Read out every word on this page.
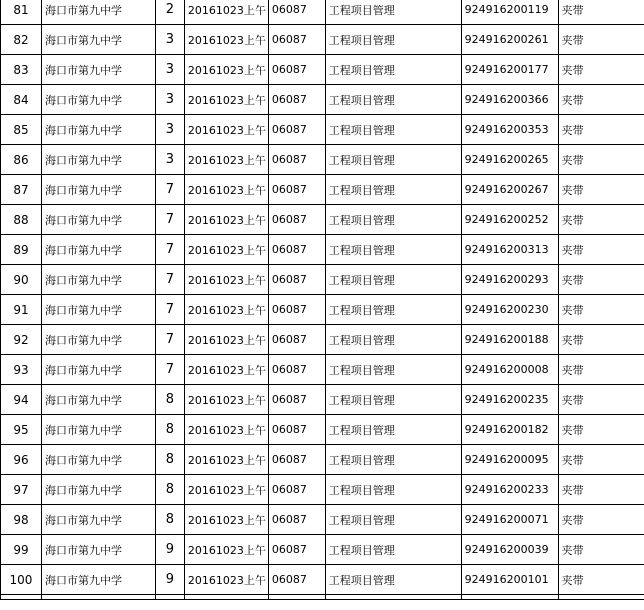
81	海口市第九中学	2	20161023上午	06087	工程项目管理	924916200119	夹带
82	海口市第九中学	3	20161023上午	06087	工程项目管理	924916200261	夹带
83	海口市第九中学	3	20161023上午	06087	工程项目管理	924916200177	夹带
84	海口市第九中学	3	20161023上午	06087	工程项目管理	924916200366	夹带
85	海口市第九中学	3	20161023上午	06087	工程项目管理	924916200353	夹带
86	海口市第九中学	3	20161023上午	06087	工程项目管理	924916200265	夹带
87	海口市第九中学	7	20161023上午	06087	工程项目管理	924916200267	夹带
88	海口市第九中学	7	20161023上午	06087	工程项目管理	924916200252	夹带
89	海口市第九中学	7	20161023上午	06087	工程项目管理	924916200313	夹带
90	海口市第九中学	7	20161023上午	06087	工程项目管理	924916200293	夹带
91	海口市第九中学	7	20161023上午	06087	工程项目管理	924916200230	夹带
92	海口市第九中学	7	20161023上午	06087	工程项目管理	924916200188	夹带
93	海口市第九中学	7	20161023上午	06087	工程项目管理	924916200008	夹带
94	海口市第九中学	8	20161023上午	06087	工程项目管理	924916200235	夹带
95	海口市第九中学	8	20161023上午	06087	工程项目管理	924916200182	夹带
96	海口市第九中学	8	20161023上午	06087	工程项目管理	924916200095	夹带
97	海口市第九中学	8	20161023上午	06087	工程项目管理	924916200233	夹带
98	海口市第九中学	8	20161023上午	06087	工程项目管理	924916200071	夹带
99	海口市第九中学	9	20161023上午	06087	工程项目管理	924916200039	夹带
100	海口市第九中学	9	20161023上午	06087	工程项目管理	924916200101	夹带
